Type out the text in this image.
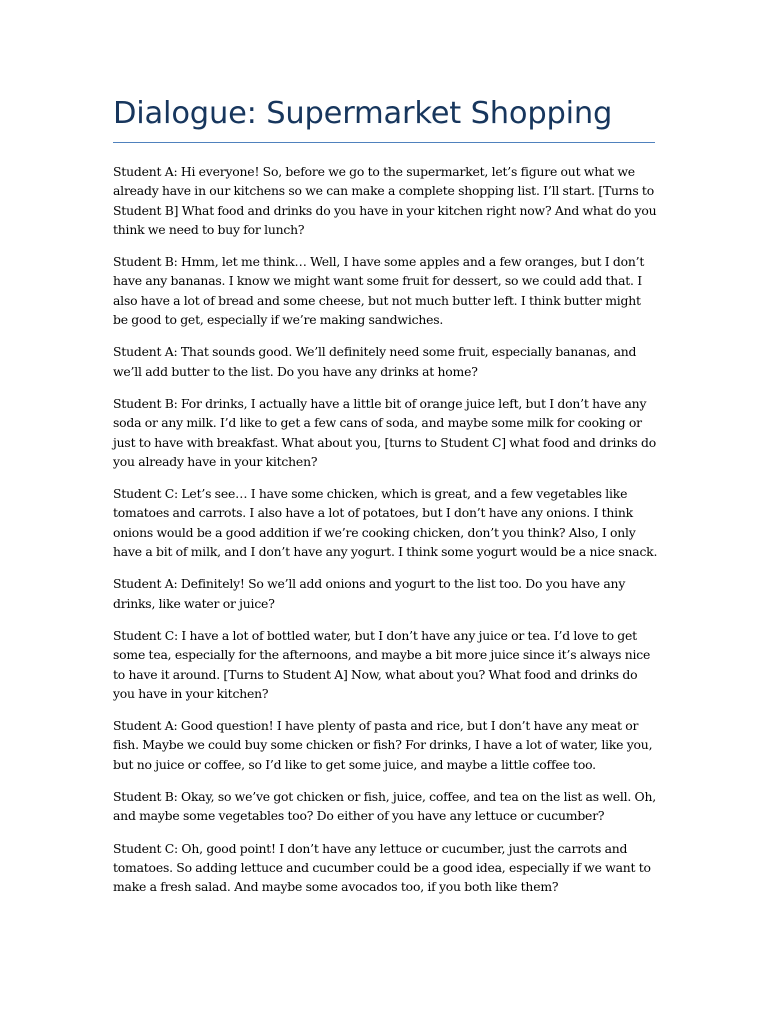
Dialogue: Supermarket Shopping

Student A: Hi everyone! So, before we go to the supermarket, let’s figure out what we already have in our kitchens so we can make a complete shopping list. I’ll start. [Turns to Student B] What food and drinks do you have in your kitchen right now? And what do you think we need to buy for lunch?

Student B: Hmm, let me think… Well, I have some apples and a few oranges, but I don’t have any bananas. I know we might want some fruit for dessert, so we could add that. I also have a lot of bread and some cheese, but not much butter left. I think butter might be good to get, especially if we’re making sandwiches.

Student A: That sounds good. We’ll definitely need some fruit, especially bananas, and we’ll add butter to the list. Do you have any drinks at home?

Student B: For drinks, I actually have a little bit of orange juice left, but I don’t have any soda or any milk. I’d like to get a few cans of soda, and maybe some milk for cooking or just to have with breakfast. What about you, [turns to Student C] what food and drinks do you already have in your kitchen?

Student C: Let’s see… I have some chicken, which is great, and a few vegetables like tomatoes and carrots. I also have a lot of potatoes, but I don’t have any onions. I think onions would be a good addition if we’re cooking chicken, don’t you think? Also, I only have a bit of milk, and I don’t have any yogurt. I think some yogurt would be a nice snack.

Student A: Definitely! So we’ll add onions and yogurt to the list too. Do you have any drinks, like water or juice?

Student C: I have a lot of bottled water, but I don’t have any juice or tea. I’d love to get some tea, especially for the afternoons, and maybe a bit more juice since it’s always nice to have it around. [Turns to Student A] Now, what about you? What food and drinks do you have in your kitchen?

Student A: Good question! I have plenty of pasta and rice, but I don’t have any meat or fish. Maybe we could buy some chicken or fish? For drinks, I have a lot of water, like you, but no juice or coffee, so I’d like to get some juice, and maybe a little coffee too.

Student B: Okay, so we’ve got chicken or fish, juice, coffee, and tea on the list as well. Oh, and maybe some vegetables too? Do either of you have any lettuce or cucumber?

Student C: Oh, good point! I don’t have any lettuce or cucumber, just the carrots and tomatoes. So adding lettuce and cucumber could be a good idea, especially if we want to make a fresh salad. And maybe some avocados too, if you both like them?
